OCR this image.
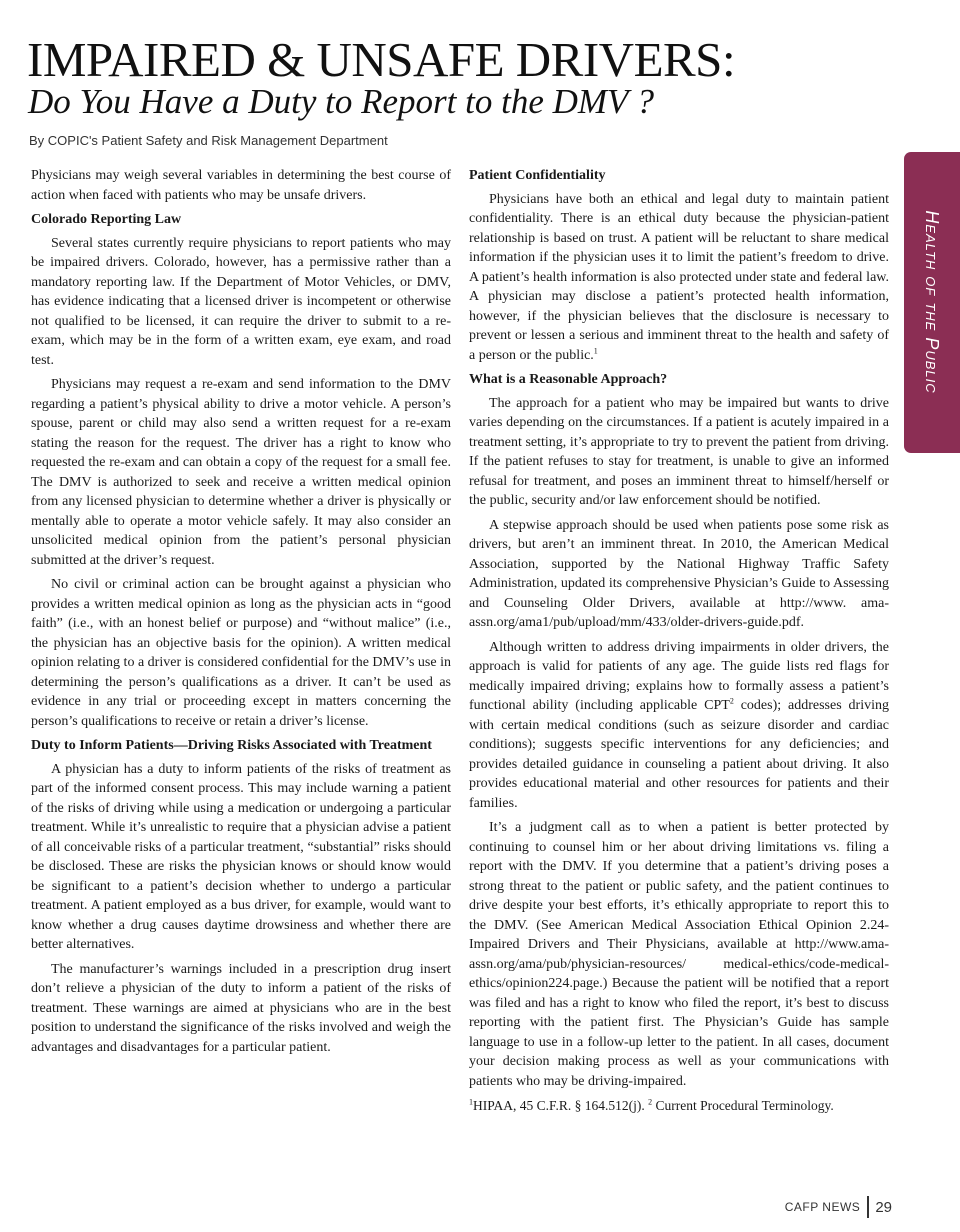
IMPAIRED & UNSAFE DRIVERS:
Do You Have a Duty to Report to the DMV ?
By COPIC's Patient Safety and Risk Management Department
Health of the Public

Physicians may weigh several variables in determining the best course of action when faced with patients who may be unsafe drivers.

Colorado Reporting Law

Several states currently require physicians to report patients who may be impaired drivers. Colorado, however, has a permissive rather than a mandatory reporting law. If the Department of Motor Vehicles, or DMV, has evidence indicating that a licensed driver is incompetent or otherwise not qualified to be licensed, it can require the driver to submit to a re-exam, which may be in the form of a written exam, eye exam, and road test.

Physicians may request a re-exam and send information to the DMV regarding a patient’s physical ability to drive a motor vehicle. A person’s spouse, parent or child may also send a written request for a re-exam stating the reason for the request. The driver has a right to know who requested the re-exam and can obtain a copy of the request for a small fee. The DMV is authorized to seek and receive a written medical opinion from any licensed physician to determine whether a driver is physically or mentally able to operate a motor vehicle safely. It may also consider an unsolicited medical opinion from the patient’s personal physician submitted at the driver’s request.

No civil or criminal action can be brought against a physician who provides a written medical opinion as long as the physician acts in “good faith” (i.e., with an honest belief or purpose) and “without malice” (i.e., the physician has an objective basis for the opinion). A written medical opinion relating to a driver is considered confidential for the DMV’s use in determining the person’s qualifications as a driver. It can’t be used as evidence in any trial or proceeding except in matters concerning the person’s qualifications to receive or retain a driver’s license.

Duty to Inform Patients—Driving Risks Associated with Treatment

A physician has a duty to inform patients of the risks of treatment as part of the informed consent process. This may include warning a patient of the risks of driving while using a medication or undergoing a particular treatment. While it’s unrealistic to require that a physician advise a patient of all conceivable risks of a particular treatment, “substantial” risks should be disclosed. These are risks the physician knows or should know would be significant to a patient’s decision whether to undergo a particular treatment. A patient employed as a bus driver, for example, would want to know whether a drug causes daytime drowsiness and whether there are better alternatives.

The manufacturer’s warnings included in a prescription drug insert don’t relieve a physician of the duty to inform a patient of the risks of treatment. These warnings are aimed at physicians who are in the best position to understand the significance of the risks involved and weigh the advantages and disadvantages for a particular patient.

Patient Confidentiality

Physicians have both an ethical and legal duty to maintain patient confidentiality. There is an ethical duty because the physician-patient relationship is based on trust. A patient will be reluctant to share medical information if the physician uses it to limit the patient’s freedom to drive. A patient’s health information is also protected under state and federal law. A physician may disclose a patient’s protected health information, however, if the physician believes that the disclosure is necessary to prevent or lessen a serious and imminent threat to the health and safety of a person or the public.$^1$

What is a Reasonable Approach?

The approach for a patient who may be impaired but wants to drive varies depending on the circumstances. If a patient is acutely impaired in a treatment setting, it’s appropriate to try to prevent the patient from driving. If the patient refuses to stay for treatment, is unable to give an informed refusal for treatment, and poses an imminent threat to himself/herself or the public, security and/or law enforcement should be notified.

A stepwise approach should be used when patients pose some risk as drivers, but aren’t an imminent threat. In 2010, the American Medical Association, supported by the National Highway Traffic Safety Administration, updated its comprehensive Physician’s Guide to Assessing and Counseling Older Drivers, available at http://www. ama-assn.org/ama1/pub/upload/mm/433/older-drivers-guide.pdf.

Although written to address driving impairments in older drivers, the approach is valid for patients of any age. The guide lists red flags for medically impaired driving; explains how to formally assess a patient’s functional ability (including applicable CPT$^2$ codes); addresses driving with certain medical conditions (such as seizure disorder and cardiac conditions); suggests specific interventions for any deficiencies; and provides detailed guidance in counseling a patient about driving. It also provides educational material and other resources for patients and their families.

It’s a judgment call as to when a patient is better protected by continuing to counsel him or her about driving limitations vs. filing a report with the DMV. If you determine that a patient’s driving poses a strong threat to the patient or public safety, and the patient continues to drive despite your best efforts, it’s ethically appropriate to report this to the DMV. (See American Medical Association Ethical Opinion 2.24-Impaired Drivers and Their Physicians, available at http://www.ama-assn.org/ama/pub/physician-resources/ medical-ethics/code-medical-ethics/opinion224.page.) Because the patient will be notified that a report was filed and has a right to know who filed the report, it’s best to discuss reporting with the patient first. The Physician’s Guide has sample language to use in a follow-up letter to the patient. In all cases, document your decision making process as well as your communications with patients who may be driving-impaired.

$^1$HIPAA, 45 C.F.R. § 164.512(j). $^2$ Current Procedural Terminology.

CAFP NEWS 29
